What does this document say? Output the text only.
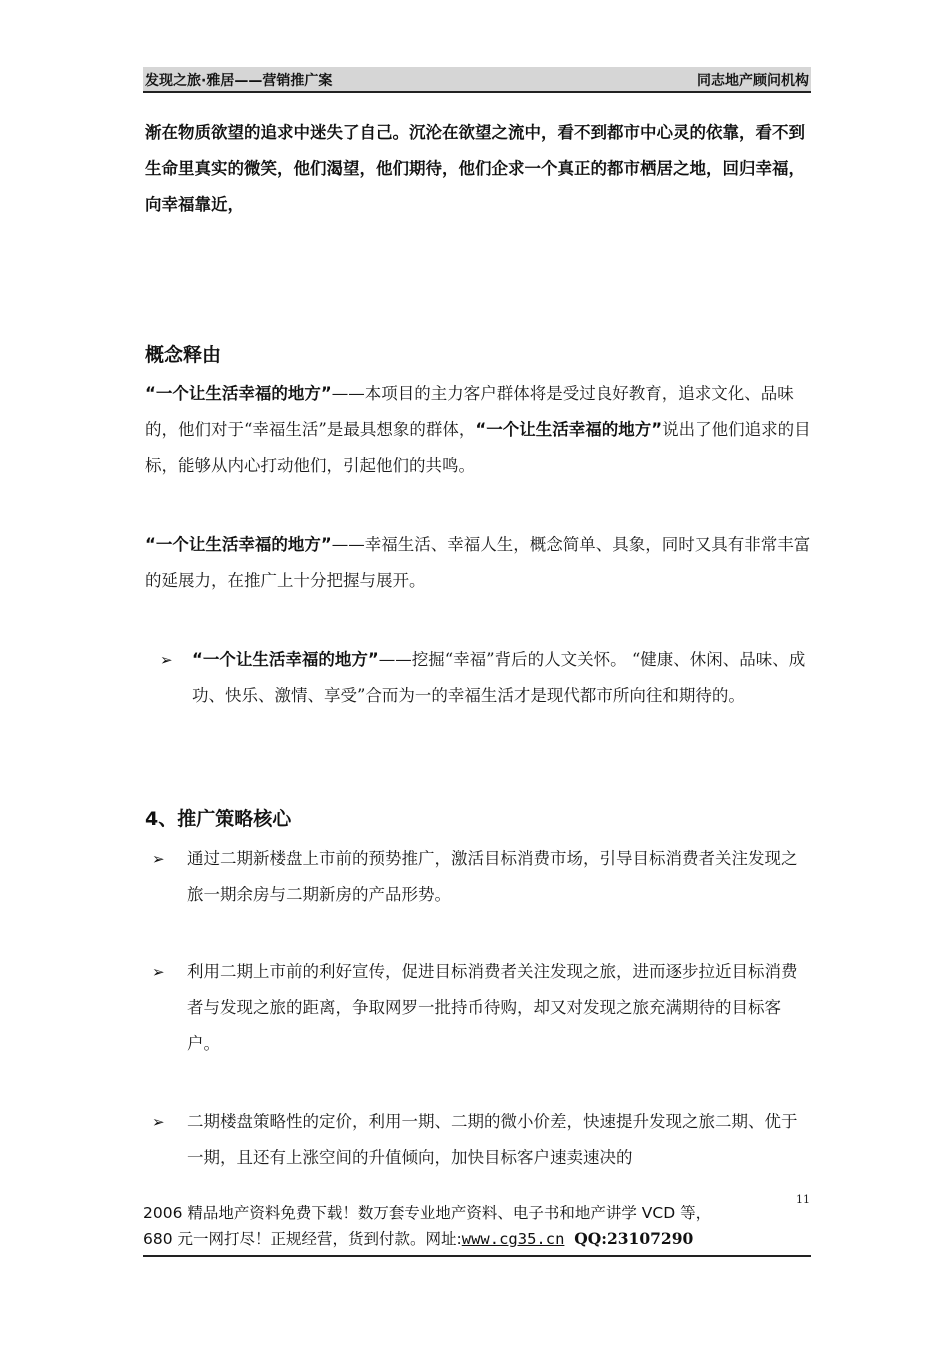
发现之旅·雅居——营销推广案	同志地产顾问机构

渐在物质欲望的追求中迷失了自己。沉沦在欲望之流中，看不到都市中心灵的依靠，看不到生命里真实的微笑，他们渴望，他们期待，他们企求一个真正的都市栖居之地，回归幸福，向幸福靠近，

概念释由

“一个让生活幸福的地方”——本项目的主力客户群体将是受过良好教育，追求文化、品味的，他们对于“幸福生活”是最具想象的群体，“一个让生活幸福的地方”说出了他们追求的目标，能够从内心打动他们，引起他们的共鸣。

“一个让生活幸福的地方”——幸福生活、幸福人生，概念简单、具象，同时又具有非常丰富的延展力，在推广上十分把握与展开。

➢ “一个让生活幸福的地方”——挖掘“幸福”背后的人文关怀。 “健康、休闲、品味、成功、快乐、激情、享受”合而为一的幸福生活才是现代都市所向往和期待的。

4、推广策略核心
➢ 通过二期新楼盘上市前的预势推广，激活目标消费市场，引导目标消费者关注发现之旅一期余房与二期新房的产品形势。

➢ 利用二期上市前的利好宣传，促进目标消费者关注发现之旅，进而逐步拉近目标消费者与发现之旅的距离，争取网罗一批持币待购，却又对发现之旅充满期待的目标客户。

➢ 二期楼盘策略性的定价，利用一期、二期的微小价差，快速提升发现之旅二期、优于一期，且还有上涨空间的升值倾向，加快目标客户速卖速决的

11
2006 精品地产资料免费下载！数万套专业地产资料、电子书和地产讲学 VCD 等，
680 元一网打尽！正规经营，货到付款。网址:www.cg35.cn QQ:23107290
